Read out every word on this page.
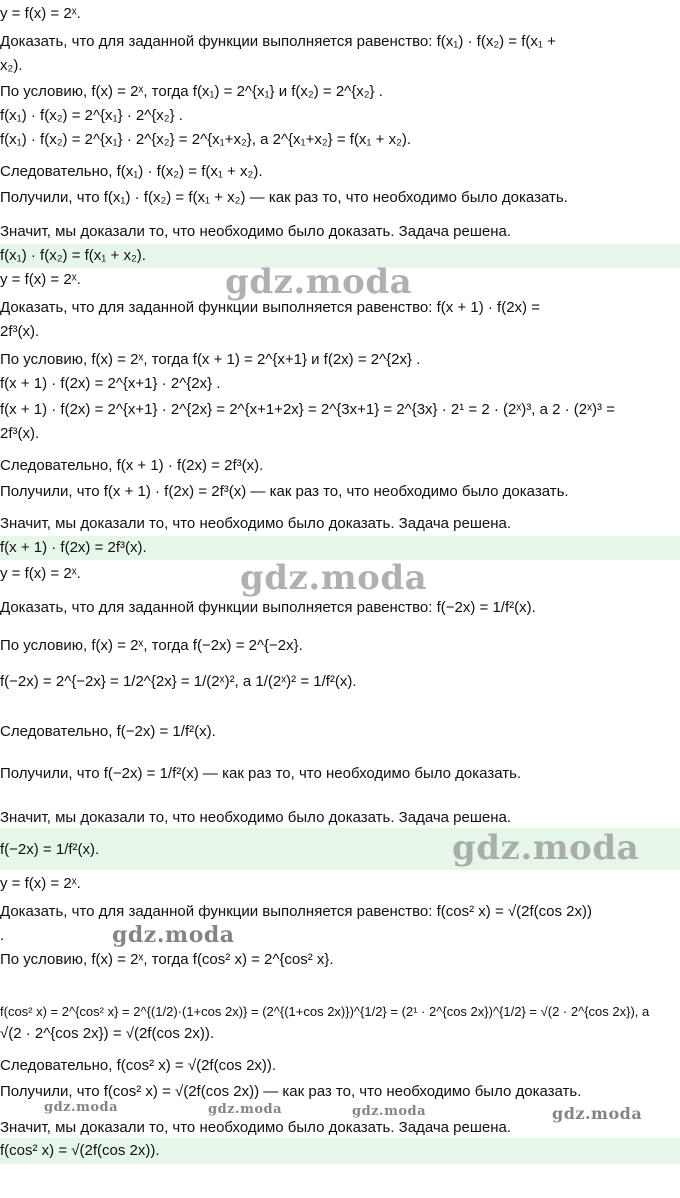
y = f(x) = 2ˣ.
Доказать, что для заданной функции выполняется равенство: f(x₁) · f(x₂) = f(x₁ +
x₂).
По условию, f(x) = 2ˣ, тогда f(x₁) = 2^{x₁} и f(x₂) = 2^{x₂} .
f(x₁) · f(x₂) = 2^{x₁} · 2^{x₂} .
f(x₁) · f(x₂) = 2^{x₁} · 2^{x₂} = 2^{x₁+x₂}, а 2^{x₁+x₂} = f(x₁ + x₂).
Следовательно, f(x₁) · f(x₂) = f(x₁ + x₂).
Получили, что f(x₁) · f(x₂) = f(x₁ + x₂) — как раз то, что необходимо было доказать.
Значит, мы доказали то, что необходимо было доказать. Задача решена.
f(x₁) · f(x₂) = f(x₁ + x₂).
y = f(x) = 2ˣ.
Доказать, что для заданной функции выполняется равенство: f(x + 1) · f(2x) =
2f³(x).
По условию, f(x) = 2ˣ, тогда f(x + 1) = 2^{x+1} и f(2x) = 2^{2x} .
f(x + 1) · f(2x) = 2^{x+1} · 2^{2x} .
f(x + 1) · f(2x) = 2^{x+1} · 2^{2x} = 2^{x+1+2x} = 2^{3x+1} = 2^{3x} · 2¹ = 2 · (2ˣ)³, а 2 · (2ˣ)³ =
2f³(x).
Следовательно, f(x + 1) · f(2x) = 2f³(x).
Получили, что f(x + 1) · f(2x) = 2f³(x) — как раз то, что необходимо было доказать.
Значит, мы доказали то, что необходимо было доказать. Задача решена.
f(x + 1) · f(2x) = 2f³(x).
y = f(x) = 2ˣ.
Доказать, что для заданной функции выполняется равенство: f(−2x) = 1/f²(x).
По условию, f(x) = 2ˣ, тогда f(−2x) = 2^{−2x}.
f(−2x) = 2^{−2x} = 1/2^{2x} = 1/(2ˣ)², а 1/(2ˣ)² = 1/f²(x).
Следовательно, f(−2x) = 1/f²(x).
Получили, что f(−2x) = 1/f²(x) — как раз то, что необходимо было доказать.
Значит, мы доказали то, что необходимо было доказать. Задача решена.
f(−2x) = 1/f²(x).
y = f(x) = 2ˣ.
Доказать, что для заданной функции выполняется равенство: f(cos² x) = √(2f(cos 2x))
.
По условию, f(x) = 2ˣ, тогда f(cos² x) = 2^{cos² x}.
f(cos² x) = 2^{cos² x} = 2^{(1/2)·(1+cos 2x)} = (2^{(1+cos 2x)})^{1/2} = (2¹ · 2^{cos 2x})^{1/2} = √(2 · 2^{cos 2x}), а
√(2 · 2^{cos 2x}) = √(2f(cos 2x)).
Следовательно, f(cos² x) = √(2f(cos 2x)).
Получили, что f(cos² x) = √(2f(cos 2x)) — как раз то, что необходимо было доказать.
Значит, мы доказали то, что необходимо было доказать. Задача решена.
f(cos² x) = √(2f(cos 2x)).
gdz.moda
gdz.moda
gdz.moda
gdz.moda
gdz.moda	gdz.moda	gdz.moda	gdz.moda
